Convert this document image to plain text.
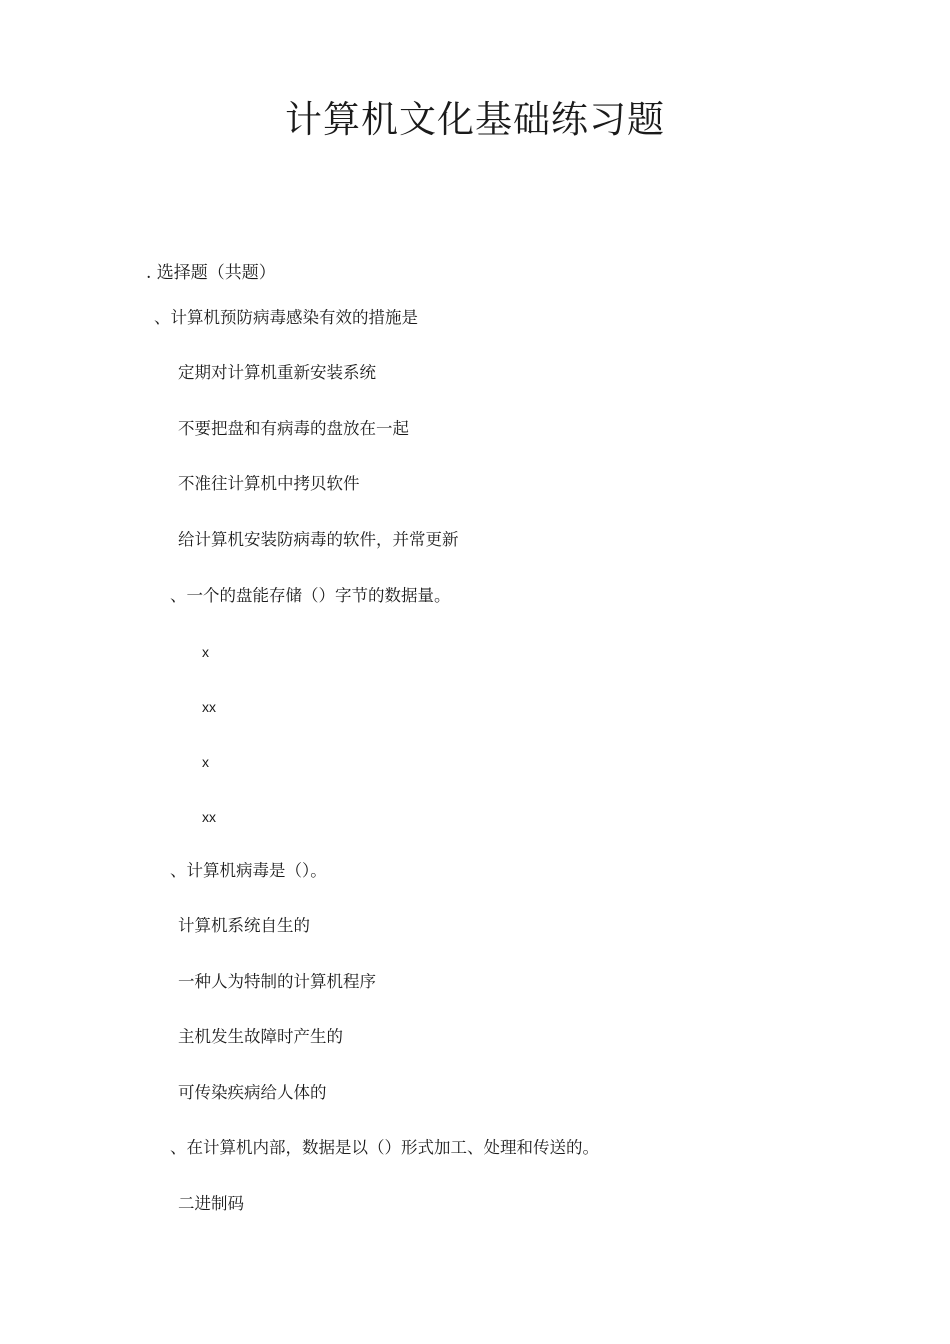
计算机文化基础练习题
. 选择题（共题）
、计算机预防病毒感染有效的措施是
定期对计算机重新安装系统
不要把盘和有病毒的盘放在一起
不准往计算机中拷贝软件
给计算机安装防病毒的软件，并常更新
、一个的盘能存储（）字节的数据量。
x
xx
x
xx
、计算机病毒是（）。
计算机系统自生的
一种人为特制的计算机程序
主机发生故障时产生的
可传染疾病给人体的
、在计算机内部，数据是以（）形式加工、处理和传送的。
二进制码
